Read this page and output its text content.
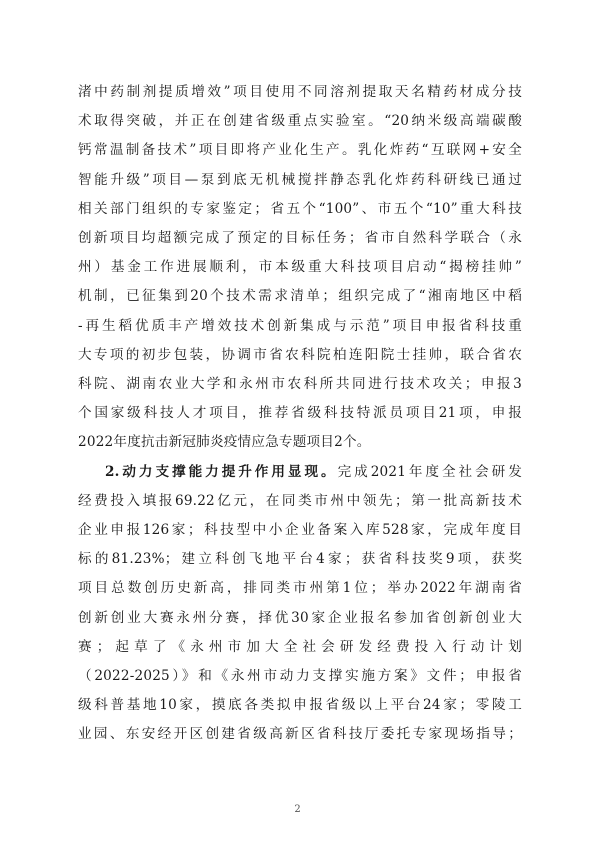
渚中药制剂提质增效”项目使用不同溶剂提取天名精药材成分技
术取得突破，并正在创建省级重点实验室。“20纳米级高端碳酸
钙常温制备技术”项目即将产业化生产。乳化炸药“互联网+安全
智能升级”项目—泵到底无机械搅拌静态乳化炸药科研线已通过
相关部门组织的专家鉴定；省五个“100”、市五个“10”重大科技
创新项目均超额完成了预定的目标任务；省市自然科学联合（永
州）基金工作进展顺利，市本级重大科技项目启动“揭榜挂帅”
机制，已征集到20个技术需求清单；组织完成了“湘南地区中稻
-再生稻优质丰产增效技术创新集成与示范”项目申报省科技重
大专项的初步包装，协调市省农科院柏连阳院士挂帅，联合省农
科院、湖南农业大学和永州市农科所共同进行技术攻关；申报3
个国家级科技人才项目，推荐省级科技特派员项目21项，申报
2022年度抗击新冠肺炎疫情应急专题项目2个。
2.动力支撑能力提升作用显现。完成2021年度全社会研发
经费投入填报69.22亿元，在同类市州中领先；第一批高新技术
企业申报126家；科技型中小企业备案入库528家，完成年度目
标的81.23%；建立科创飞地平台4家；获省科技奖9项，获奖
项目总数创历史新高，排同类市州第1位；举办2022年湖南省
创新创业大赛永州分赛，择优30家企业报名参加省创新创业大
赛；起草了《永州市加大全社会研发经费投入行动计划
（2022-2025）》和《永州市动力支撑实施方案》文件；申报省
级科普基地10家，摸底各类拟申报省级以上平台24家；零陵工
业园、东安经开区创建省级高新区省科技厅委托专家现场指导；
2
